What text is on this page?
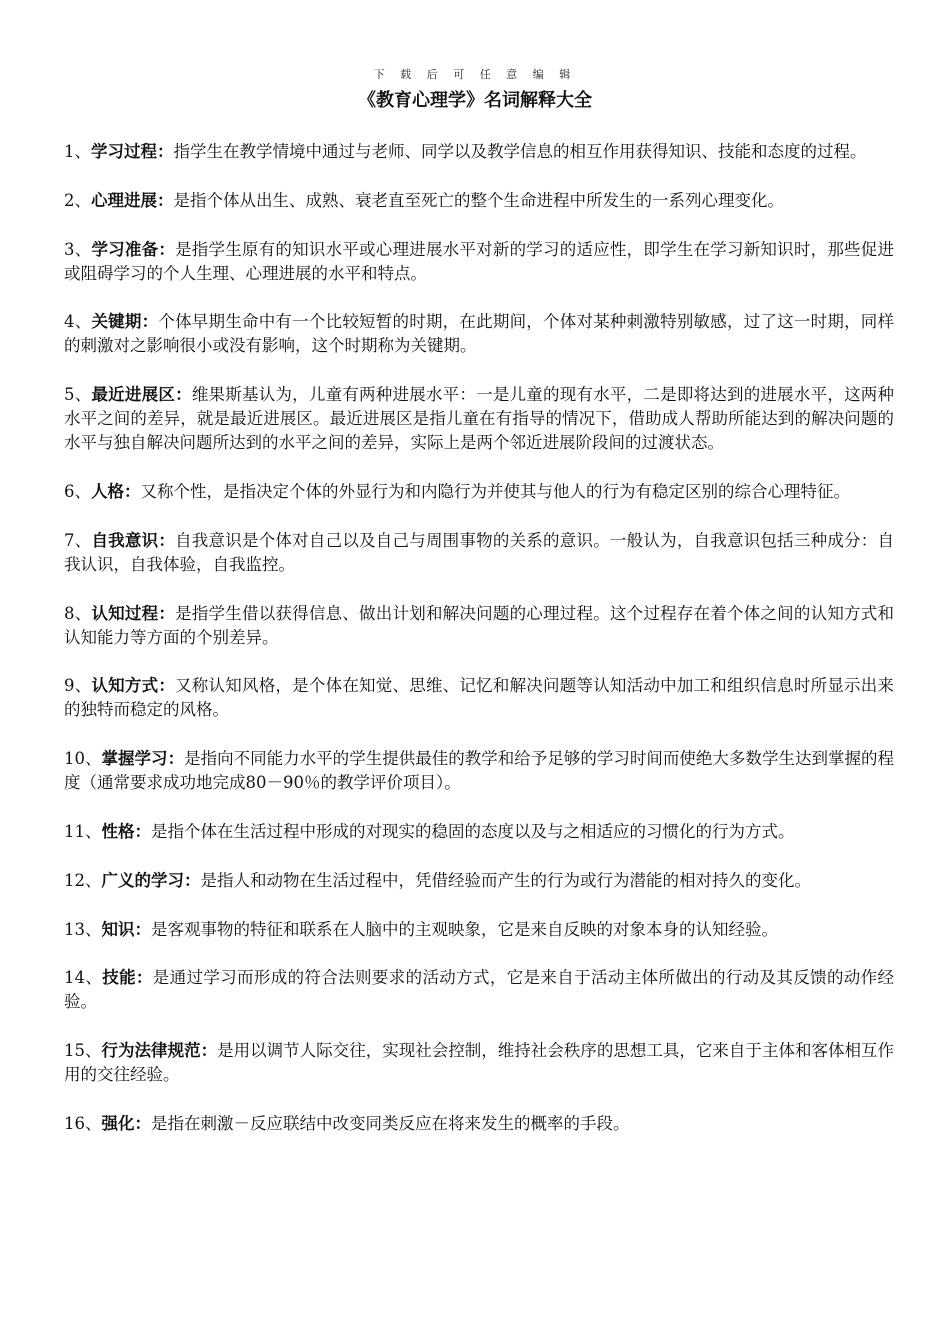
下 载 后 可 任 意 编 辑
《教育心理学》名词解释大全

1、学习过程：指学生在教学情境中通过与老师、同学以及教学信息的相互作用获得知识、技能和态度的过程。

2、心理进展：是指个体从出生、成熟、衰老直至死亡的整个生命进程中所发生的一系列心理变化。

3、学习准备：是指学生原有的知识水平或心理进展水平对新的学习的适应性，即学生在学习新知识时，那些促进或阻碍学习的个人生理、心理进展的水平和特点。

4、关键期：个体早期生命中有一个比较短暂的时期，在此期间，个体对某种刺激特别敏感，过了这一时期，同样的刺激对之影响很小或没有影响，这个时期称为关键期。

5、最近进展区：维果斯基认为，儿童有两种进展水平：一是儿童的现有水平，二是即将达到的进展水平，这两种水平之间的差异，就是最近进展区。最近进展区是指儿童在有指导的情况下，借助成人帮助所能达到的解决问题的水平与独自解决问题所达到的水平之间的差异，实际上是两个邻近进展阶段间的过渡状态。

6、人格：又称个性，是指决定个体的外显行为和内隐行为并使其与他人的行为有稳定区别的综合心理特征。

7、自我意识：自我意识是个体对自己以及自己与周围事物的关系的意识。一般认为，自我意识包括三种成分：自我认识，自我体验，自我监控。

8、认知过程：是指学生借以获得信息、做出计划和解决问题的心理过程。这个过程存在着个体之间的认知方式和认知能力等方面的个别差异。

9、认知方式：又称认知风格，是个体在知觉、思维、记忆和解决问题等认知活动中加工和组织信息时所显示出来的独特而稳定的风格。

10、掌握学习：是指向不同能力水平的学生提供最佳的教学和给予足够的学习时间而使绝大多数学生达到掌握的程度（通常要求成功地完成80－90％的教学评价项目）。

11、性格：是指个体在生活过程中形成的对现实的稳固的态度以及与之相适应的习惯化的行为方式。

12、广义的学习：是指人和动物在生活过程中，凭借经验而产生的行为或行为潜能的相对持久的变化。

13、知识：是客观事物的特征和联系在人脑中的主观映象，它是来自反映的对象本身的认知经验。

14、技能：是通过学习而形成的符合法则要求的活动方式，它是来自于活动主体所做出的行动及其反馈的动作经验。

15、行为法律规范：是用以调节人际交往，实现社会控制，维持社会秩序的思想工具，它来自于主体和客体相互作用的交往经验。

16、强化：是指在刺激－反应联结中改变同类反应在将来发生的概率的手段。
